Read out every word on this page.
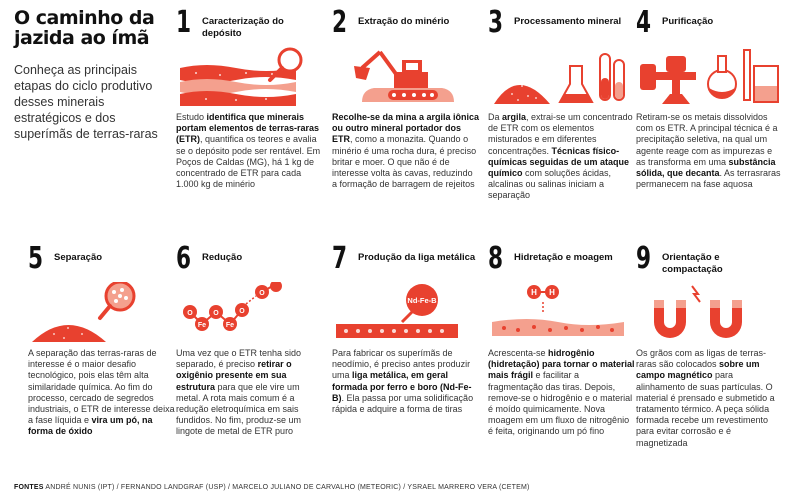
O caminho da
jazida ao ímã

Conheça as principais etapas do ciclo produtivo desses minerais estratégicos e dos superímãs de terras-raras

1 Caracterização do depósito
Estudo identifica que minerais portam elementos de terras-raras (ETR), quantifica os teores e avalia se o depósito pode ser rentável. Em Poços de Caldas (MG), há 1 kg de concentrado de ETR para cada 1.000 kg de minério
2 Extração do minério
Recolhe-se da mina a argila iônica ou outro mineral portador dos ETR, como a monazita. Quando o minério é uma rocha dura, é preciso britar e moer. O que não é de interesse volta às cavas, reduzindo a formação de barragem de rejeitos
3 Processamento mineral
Da argila, extrai-se um concentrado de ETR com os elementos misturados e em diferentes concentrações. Técnicas físico-químicas seguidas de um ataque químico com soluções ácidas, alcalinas ou salinas iniciam a separação
4 Purificação
Retiram-se os metais dissolvidos com os ETR. A principal técnica é a precipitação seletiva, na qual um agente reage com as impurezas e as transforma em uma substância sólida, que decanta. As terrasraras permanecem na fase aquosa
5 Separação
A separação das terras-raras de interesse é o maior desafio tecnológico, pois elas têm alta similaridade química. Ao fim do processo, cercado de segredos industriais, o ETR de interesse deixa a fase líquida e vira um pó, na forma de óxido
6 Redução
O
Fe
O
Fe
O
O
Uma vez que o ETR tenha sido separado, é preciso retirar o oxigênio presente em sua estrutura para que ele vire um metal. A rota mais comum é a redução eletroquímica em sais fundidos. No fim, produz-se um lingote de metal de ETR puro
7 Produção da liga metálica
Nd-Fe-B
Para fabricar os superímãs de neodímio, é preciso antes produzir uma liga metálica, em geral formada por ferro e boro (Nd-Fe-B). Ela passa por uma solidificação rápida e adquire a forma de tiras
8 Hidretação e moagem
H H
Acrescenta-se hidrogênio (hidretação) para tornar o material mais frágil e facilitar a fragmentação das tiras. Depois, remove-se o hidrogênio e o material é moído quimicamente. Nova moagem em um fluxo de nitrogênio é feita, originando um pó fino
9 Orientação e compactação
Os grãos com as ligas de terras-raras são colocados sobre um campo magnético para alinhamento de suas partículas. O material é prensado e submetido a tratamento térmico. A peça sólida formada recebe um revestimento para evitar corrosão e é magnetizada
FONTES ANDRÉ NUNIS (IPT) / FERNANDO LANDGRAF (USP) / MARCELO JULIANO DE CARVALHO (METEORIC) / YSRAEL MARRERO VERA (CETEM)
